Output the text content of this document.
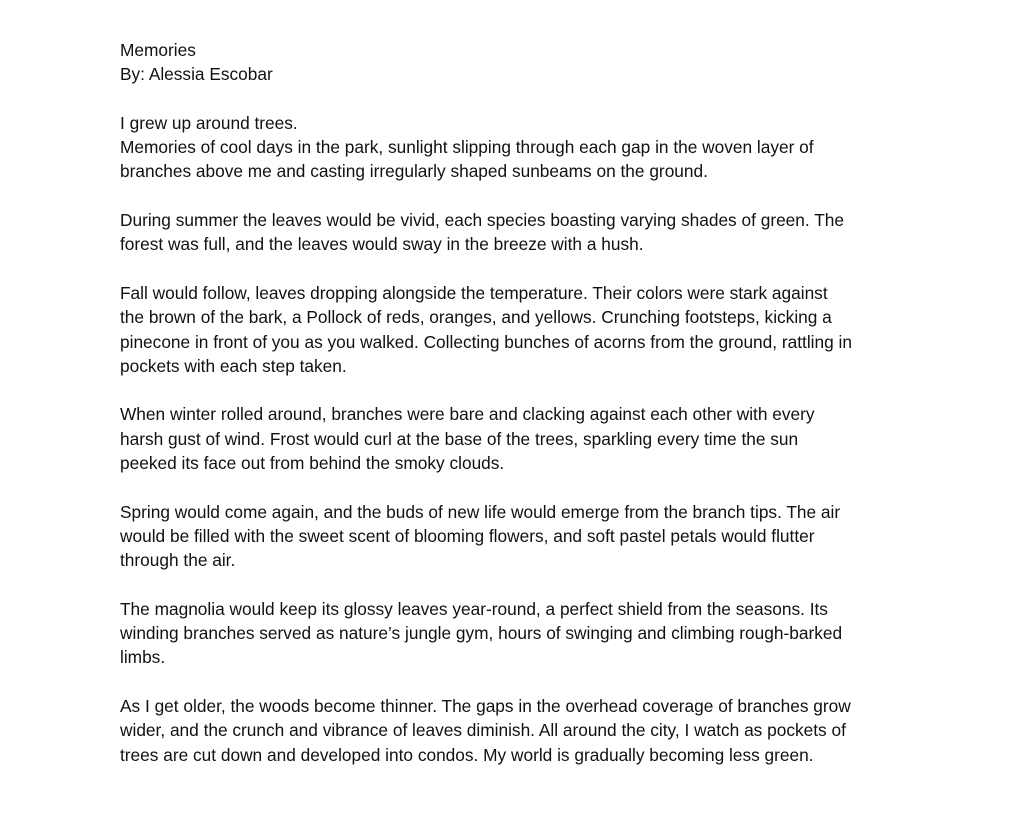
Memories
By: Alessia Escobar
I grew up around trees.
Memories of cool days in the park, sunlight slipping through each gap in the woven layer of
branches above me and casting irregularly shaped sunbeams on the ground.
During summer the leaves would be vivid, each species boasting varying shades of green. The
forest was full, and the leaves would sway in the breeze with a hush.
Fall would follow, leaves dropping alongside the temperature. Their colors were stark against
the brown of the bark, a Pollock of reds, oranges, and yellows. Crunching footsteps, kicking a
pinecone in front of you as you walked. Collecting bunches of acorns from the ground, rattling in
pockets with each step taken.
When winter rolled around, branches were bare and clacking against each other with every
harsh gust of wind. Frost would curl at the base of the trees, sparkling every time the sun
peeked its face out from behind the smoky clouds.
Spring would come again, and the buds of new life would emerge from the branch tips. The air
would be filled with the sweet scent of blooming flowers, and soft pastel petals would flutter
through the air.
The magnolia would keep its glossy leaves year-round, a perfect shield from the seasons. Its
winding branches served as nature’s jungle gym, hours of swinging and climbing rough-barked
limbs.
As I get older, the woods become thinner. The gaps in the overhead coverage of branches grow
wider, and the crunch and vibrance of leaves diminish. All around the city, I watch as pockets of
trees are cut down and developed into condos. My world is gradually becoming less green.
